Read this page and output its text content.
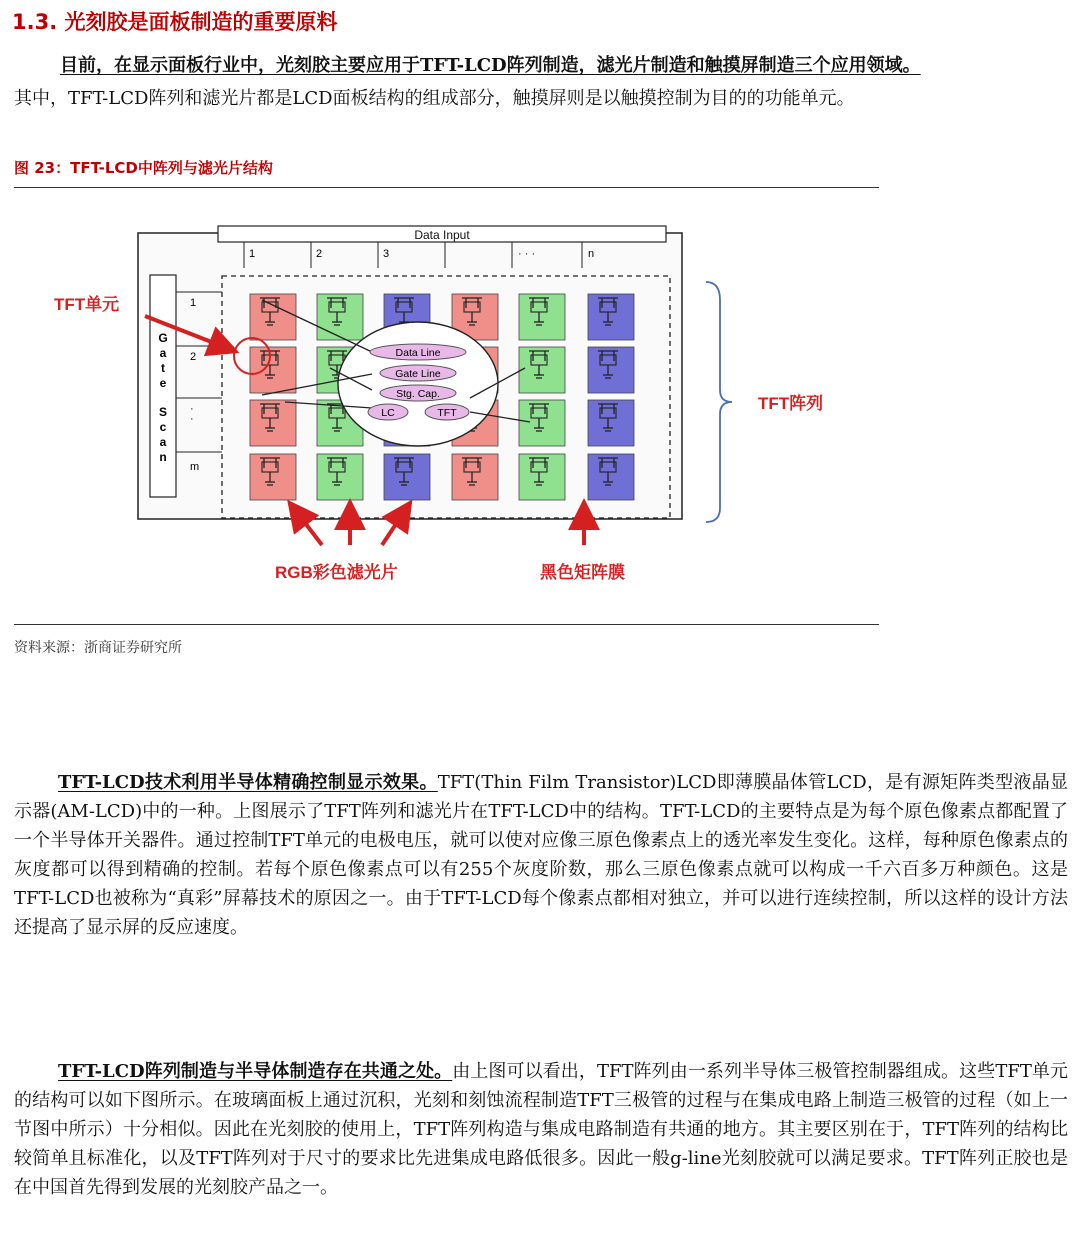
1.3. 光刻胶是面板制造的重要原料
目前，在显示面板行业中，光刻胶主要应用于TFT-LCD阵列制造，滤光片制造和触摸屏制造三个应用领域。
其中，TFT-LCD阵列和滤光片都是LCD面板结构的组成部分，触摸屏则是以触摸控制为目的的功能单元。
图 23：TFT-LCD中阵列与滤光片结构
Data Input
1	2	3	· · ·	n
G
a
t
e
S
c
a
n
1
2
·
·
m
Data Line
Gate Line
Stg. Cap.
LC	TFT
TFT单元
TFT阵列
RGB彩色滤光片	黑色矩阵膜
资料来源：浙商证券研究所
TFT-LCD技术利用半导体精确控制显示效果。TFT(Thin Film Transistor)LCD即薄膜晶体管LCD，是有源矩阵类型液晶显示器(AM-LCD)中的一种。上图展示了TFT阵列和滤光片在TFT-LCD中的结构。TFT-LCD的主要特点是为每个原色像素点都配置了一个半导体开关器件。通过控制TFT单元的电极电压，就可以使对应像三原色像素点上的透光率发生变化。这样，每种原色像素点的灰度都可以得到精确的控制。若每个原色像素点可以有255个灰度阶数，那么三原色像素点就可以构成一千六百多万种颜色。这是TFT-LCD也被称为“真彩”屏幕技术的原因之一。由于TFT-LCD每个像素点都相对独立，并可以进行连续控制，所以这样的设计方法还提高了显示屏的反应速度。
TFT-LCD阵列制造与半导体制造存在共通之处。由上图可以看出，TFT阵列由一系列半导体三极管控制器组成。这些TFT单元的结构可以如下图所示。在玻璃面板上通过沉积，光刻和刻蚀流程制造TFT三极管的过程与在集成电路上制造三极管的过程（如上一节图中所示）十分相似。因此在光刻胶的使用上，TFT阵列构造与集成电路制造有共通的地方。其主要区别在于，TFT阵列的结构比较简单且标准化，以及TFT阵列对于尺寸的要求比先进集成电路低很多。因此一般g-line光刻胶就可以满足要求。TFT阵列正胶也是在中国首先得到发展的光刻胶产品之一。
